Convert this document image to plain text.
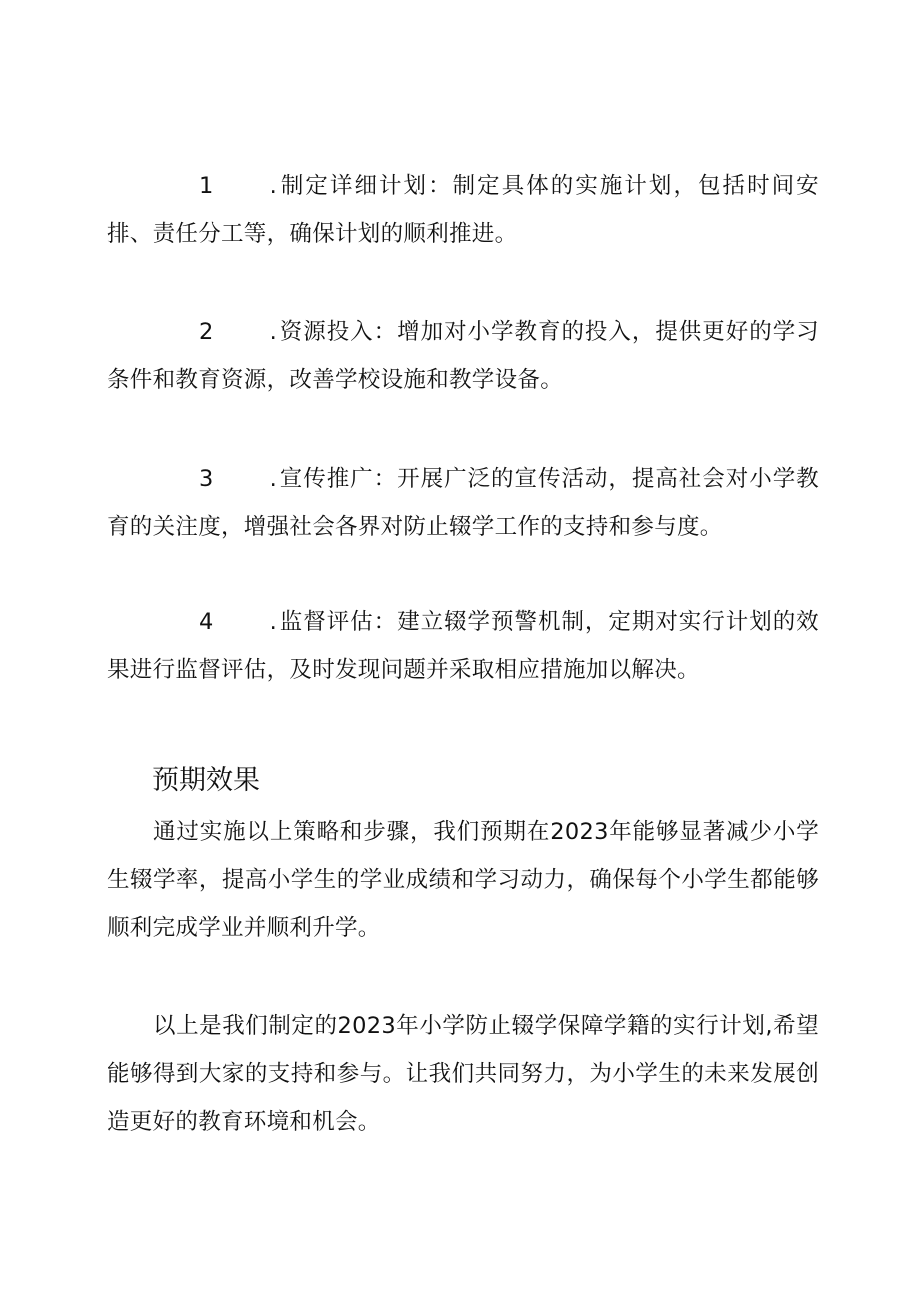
1 .制定详细计划：制定具体的实施计划，包括时间安排、责任分工等，确保计划的顺利推进。

2 .资源投入：增加对小学教育的投入，提供更好的学习条件和教育资源，改善学校设施和教学设备。

3 .宣传推广：开展广泛的宣传活动，提高社会对小学教育的关注度，增强社会各界对防止辍学工作的支持和参与度。

4 .监督评估：建立辍学预警机制，定期对实行计划的效果进行监督评估，及时发现问题并采取相应措施加以解决。

预期效果

通过实施以上策略和步骤，我们预期在2023年能够显著减少小学生辍学率，提高小学生的学业成绩和学习动力，确保每个小学生都能够顺利完成学业并顺利升学。

以上是我们制定的2023年小学防止辍学保障学籍的实行计划,希望能够得到大家的支持和参与。让我们共同努力，为小学生的未来发展创造更好的教育环境和机会。
